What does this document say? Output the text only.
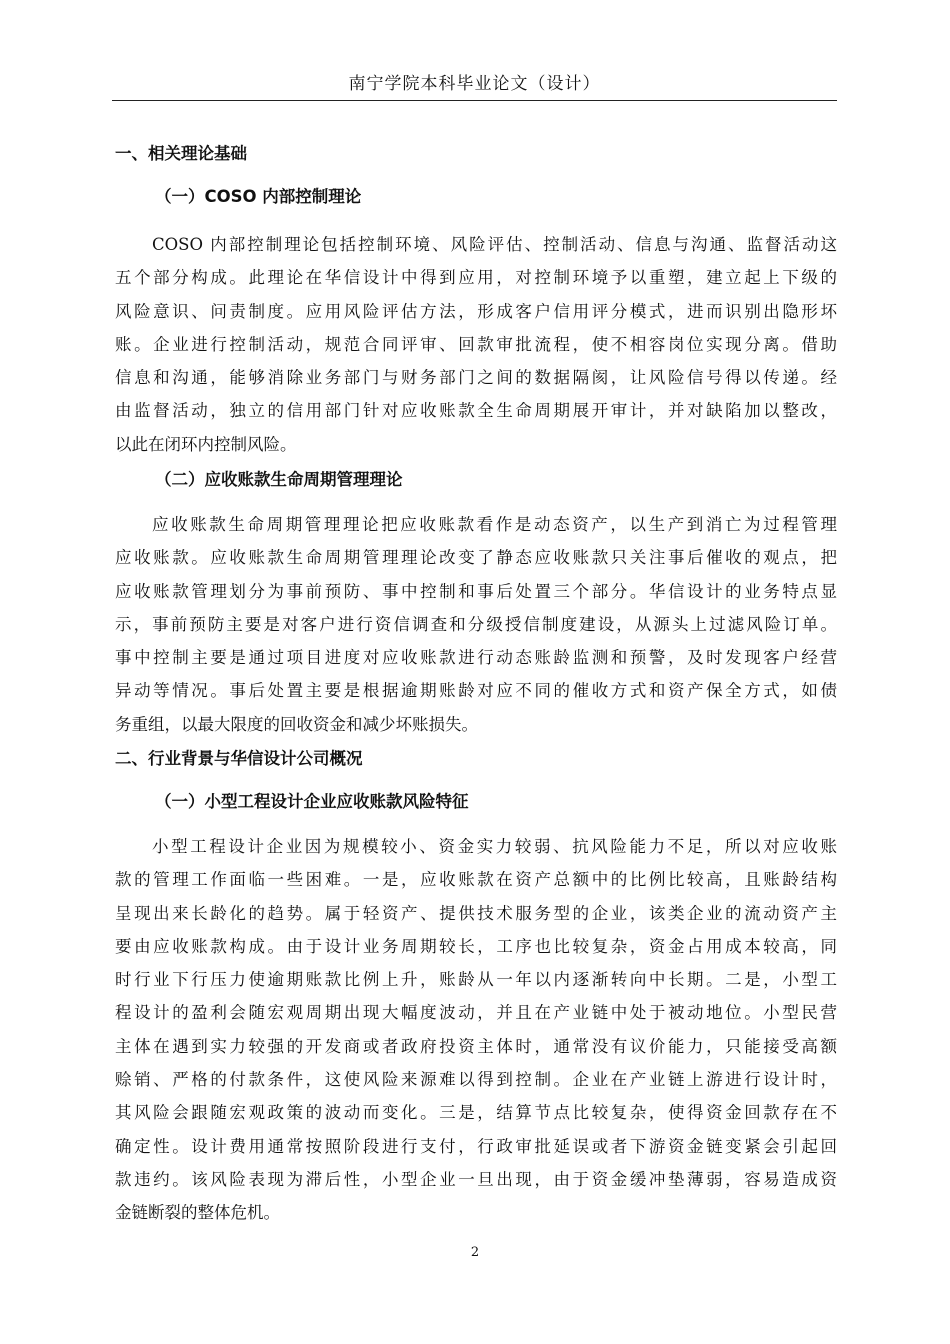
南宁学院本科毕业论文（设计）
一、相关理论基础
（一）COSO 内部控制理论
COSO 内部控制理论包括控制环境、风险评估、控制活动、信息与沟通、监督活动这
五个部分构成。此理论在华信设计中得到应用，对控制环境予以重塑，建立起上下级的
风险意识、问责制度。应用风险评估方法，形成客户信用评分模式，进而识别出隐形坏
账。企业进行控制活动，规范合同评审、回款审批流程，使不相容岗位实现分离。借助
信息和沟通，能够消除业务部门与财务部门之间的数据隔阂，让风险信号得以传递。经
由监督活动，独立的信用部门针对应收账款全生命周期展开审计，并对缺陷加以整改，
以此在闭环内控制风险。
（二）应收账款生命周期管理理论
应收账款生命周期管理理论把应收账款看作是动态资产，以生产到消亡为过程管理
应收账款。应收账款生命周期管理理论改变了静态应收账款只关注事后催收的观点，把
应收账款管理划分为事前预防、事中控制和事后处置三个部分。华信设计的业务特点显
示，事前预防主要是对客户进行资信调查和分级授信制度建设，从源头上过滤风险订单。
事中控制主要是通过项目进度对应收账款进行动态账龄监测和预警，及时发现客户经营
异动等情况。事后处置主要是根据逾期账龄对应不同的催收方式和资产保全方式，如债
务重组，以最大限度的回收资金和减少坏账损失。
二、行业背景与华信设计公司概况
（一）小型工程设计企业应收账款风险特征
小型工程设计企业因为规模较小、资金实力较弱、抗风险能力不足，所以对应收账
款的管理工作面临一些困难。一是，应收账款在资产总额中的比例比较高，且账龄结构
呈现出来长龄化的趋势。属于轻资产、提供技术服务型的企业，该类企业的流动资产主
要由应收账款构成。由于设计业务周期较长，工序也比较复杂，资金占用成本较高，同
时行业下行压力使逾期账款比例上升，账龄从一年以内逐渐转向中长期。二是，小型工
程设计的盈利会随宏观周期出现大幅度波动，并且在产业链中处于被动地位。小型民营
主体在遇到实力较强的开发商或者政府投资主体时，通常没有议价能力，只能接受高额
赊销、严格的付款条件，这使风险来源难以得到控制。企业在产业链上游进行设计时，
其风险会跟随宏观政策的波动而变化。三是，结算节点比较复杂，使得资金回款存在不
确定性。设计费用通常按照阶段进行支付，行政审批延误或者下游资金链变紧会引起回
款违约。该风险表现为滞后性，小型企业一旦出现，由于资金缓冲垫薄弱，容易造成资
金链断裂的整体危机。
2
